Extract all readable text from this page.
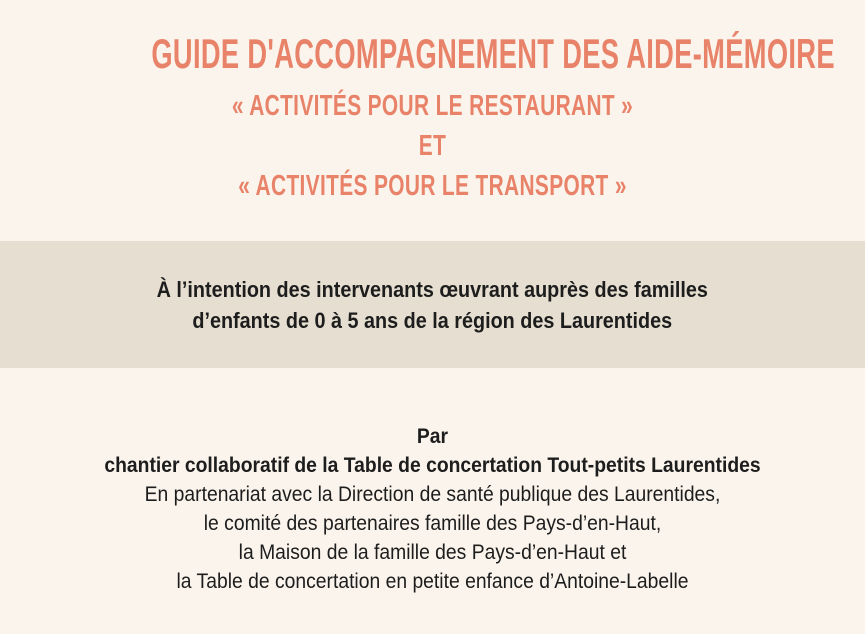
GUIDE D'ACCOMPAGNEMENT DES AIDE-MÉMOIRE
« ACTIVITÉS POUR LE RESTAURANT »
ET
« ACTIVITÉS POUR LE TRANSPORT »
À l’intention des intervenants œuvrant auprès des familles
d’enfants de 0 à 5 ans de la région des Laurentides
Par
chantier collaboratif de la Table de concertation Tout-petits Laurentides
En partenariat avec la Direction de santé publique des Laurentides,
le comité des partenaires famille des Pays-d’en-Haut,
la Maison de la famille des Pays-d’en-Haut et
la Table de concertation en petite enfance d’Antoine-Labelle
